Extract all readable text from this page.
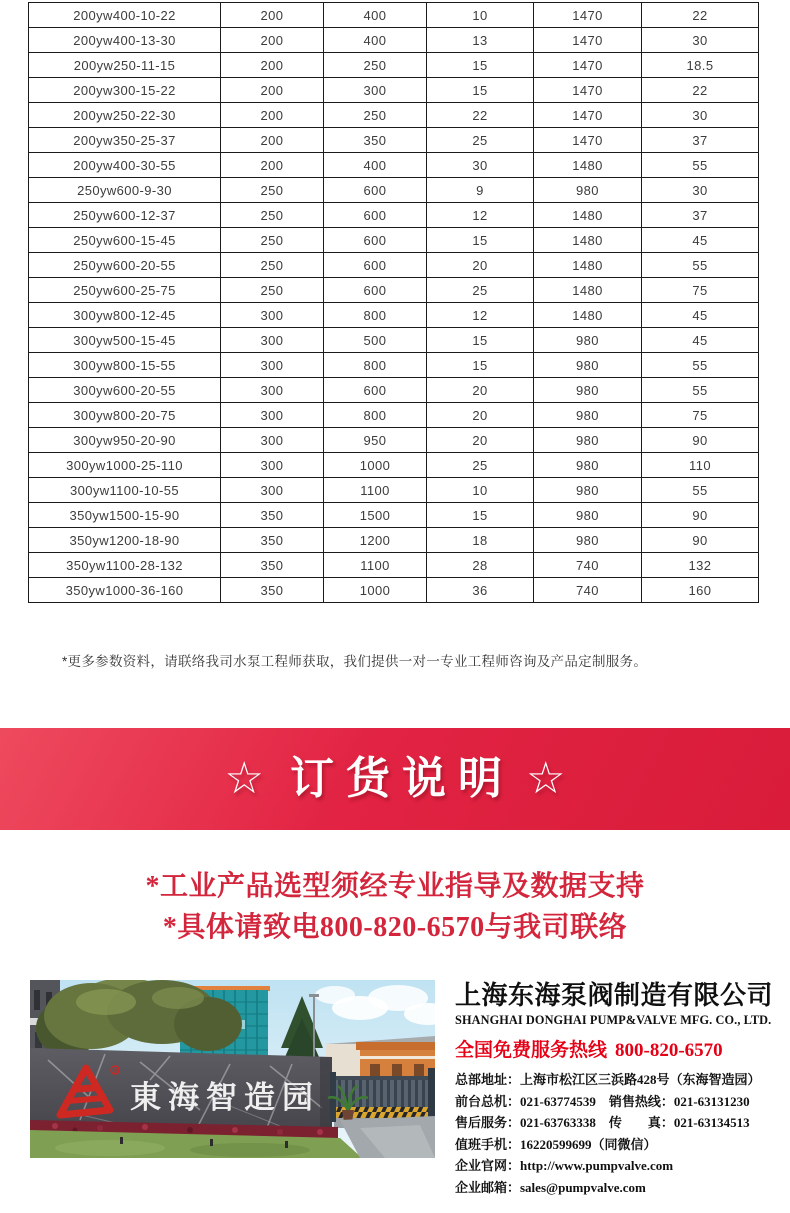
200yw400-10-22	200	400	10	1470	22
200yw400-13-30	200	400	13	1470	30
200yw250-11-15	200	250	15	1470	18.5
200yw300-15-22	200	300	15	1470	22
200yw250-22-30	200	250	22	1470	30
200yw350-25-37	200	350	25	1470	37
200yw400-30-55	200	400	30	1480	55
250yw600-9-30	250	600	9	980	30
250yw600-12-37	250	600	12	1480	37
250yw600-15-45	250	600	15	1480	45
250yw600-20-55	250	600	20	1480	55
250yw600-25-75	250	600	25	1480	75
300yw800-12-45	300	800	12	1480	45
300yw500-15-45	300	500	15	980	45
300yw800-15-55	300	800	15	980	55
300yw600-20-55	300	600	20	980	55
300yw800-20-75	300	800	20	980	75
300yw950-20-90	300	950	20	980	90
300yw1000-25-110	300	1000	25	980	110
300yw1100-10-55	300	1100	10	980	55
350yw1500-15-90	350	1500	15	980	90
350yw1200-18-90	350	1200	18	980	90
350yw1100-28-132	350	1100	28	740	132
350yw1000-36-160	350	1000	36	740	160
*更多参数资料，请联络我司水泵工程师获取，我们提供一对一专业工程师咨询及产品定制服务。
☆ 订货说明 ☆
*工业产品选型须经专业指导及数据支持
*具体请致电800-820-6570与我司联络
®
東海智造园
上海东海泵阀制造有限公司
SHANGHAI DONGHAI PUMP&VALVE MFG. CO., LTD.
全国免费服务热线 800-820-6570
总部地址：上海市松江区三浜路428号（东海智造园）
前台总机：021-63774539　销售热线：021-63131230
售后服务：021-63763338　传　　真：021-63134513
值班手机：16220599699（同微信）
企业官网：http://www.pumpvalve.com
企业邮箱：sales@pumpvalve.com
